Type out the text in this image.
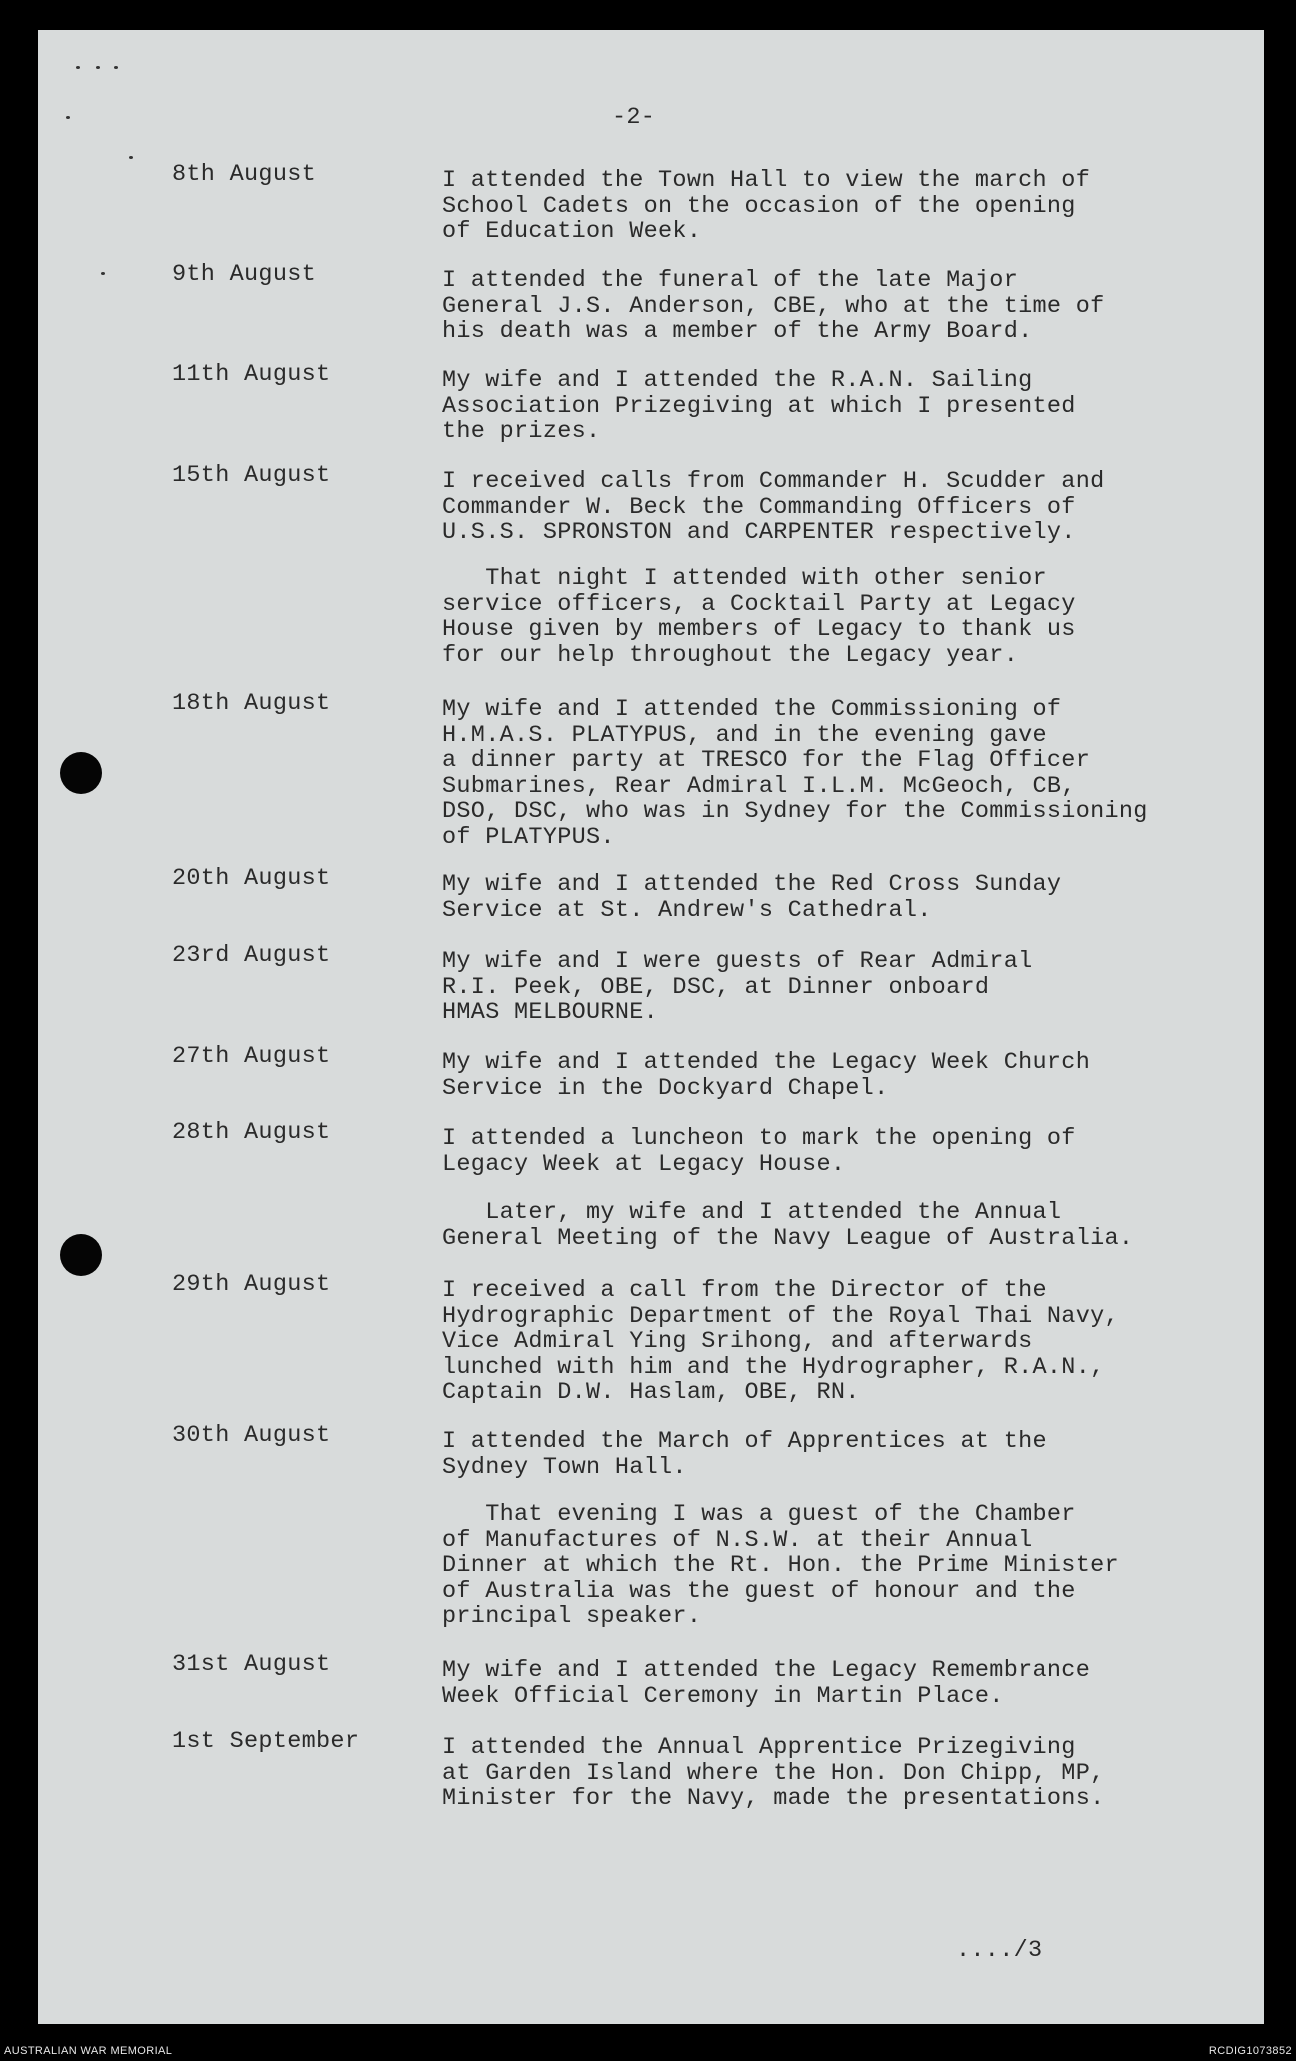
-2-
8th August	I attended the Town Hall to view the march of
School Cadets on the occasion of the opening
of Education Week.
9th August	I attended the funeral of the late Major
General J.S. Anderson, CBE, who at the time of
his death was a member of the Army Board.
11th August	My wife and I attended the R.A.N. Sailing
Association Prizegiving at which I presented
the prizes.
15th August	I received calls from Commander H. Scudder and
Commander W. Beck the Commanding Officers of
U.S.S. SPRONSTON and CARPENTER respectively.
That night I attended with other senior
service officers, a Cocktail Party at Legacy
House given by members of Legacy to thank us
for our help throughout the Legacy year.
18th August	My wife and I attended the Commissioning of
H.M.A.S. PLATYPUS, and in the evening gave
a dinner party at TRESCO for the Flag Officer
Submarines, Rear Admiral I.L.M. McGeoch, CB,
DSO, DSC, who was in Sydney for the Commissioning
of PLATYPUS.
20th August	My wife and I attended the Red Cross Sunday
Service at St. Andrew's Cathedral.
23rd August	My wife and I were guests of Rear Admiral
R.I. Peek, OBE, DSC, at Dinner onboard
HMAS MELBOURNE.
27th August	My wife and I attended the Legacy Week Church
Service in the Dockyard Chapel.
28th August	I attended a luncheon to mark the opening of
Legacy Week at Legacy House.
Later, my wife and I attended the Annual
General Meeting of the Navy League of Australia.
29th August	I received a call from the Director of the
Hydrographic Department of the Royal Thai Navy,
Vice Admiral Ying Srihong, and afterwards
lunched with him and the Hydrographer, R.A.N.,
Captain D.W. Haslam, OBE, RN.
30th August	I attended the March of Apprentices at the
Sydney Town Hall.
That evening I was a guest of the Chamber
of Manufactures of N.S.W. at their Annual
Dinner at which the Rt. Hon. the Prime Minister
of Australia was the guest of honour and the
principal speaker.
31st August	My wife and I attended the Legacy Remembrance
Week Official Ceremony in Martin Place.
1st September	I attended the Annual Apprentice Prizegiving
at Garden Island where the Hon. Don Chipp, MP,
Minister for the Navy, made the presentations.
..../3
AUSTRALIAN WAR MEMORIAL	RCDIG1073852
